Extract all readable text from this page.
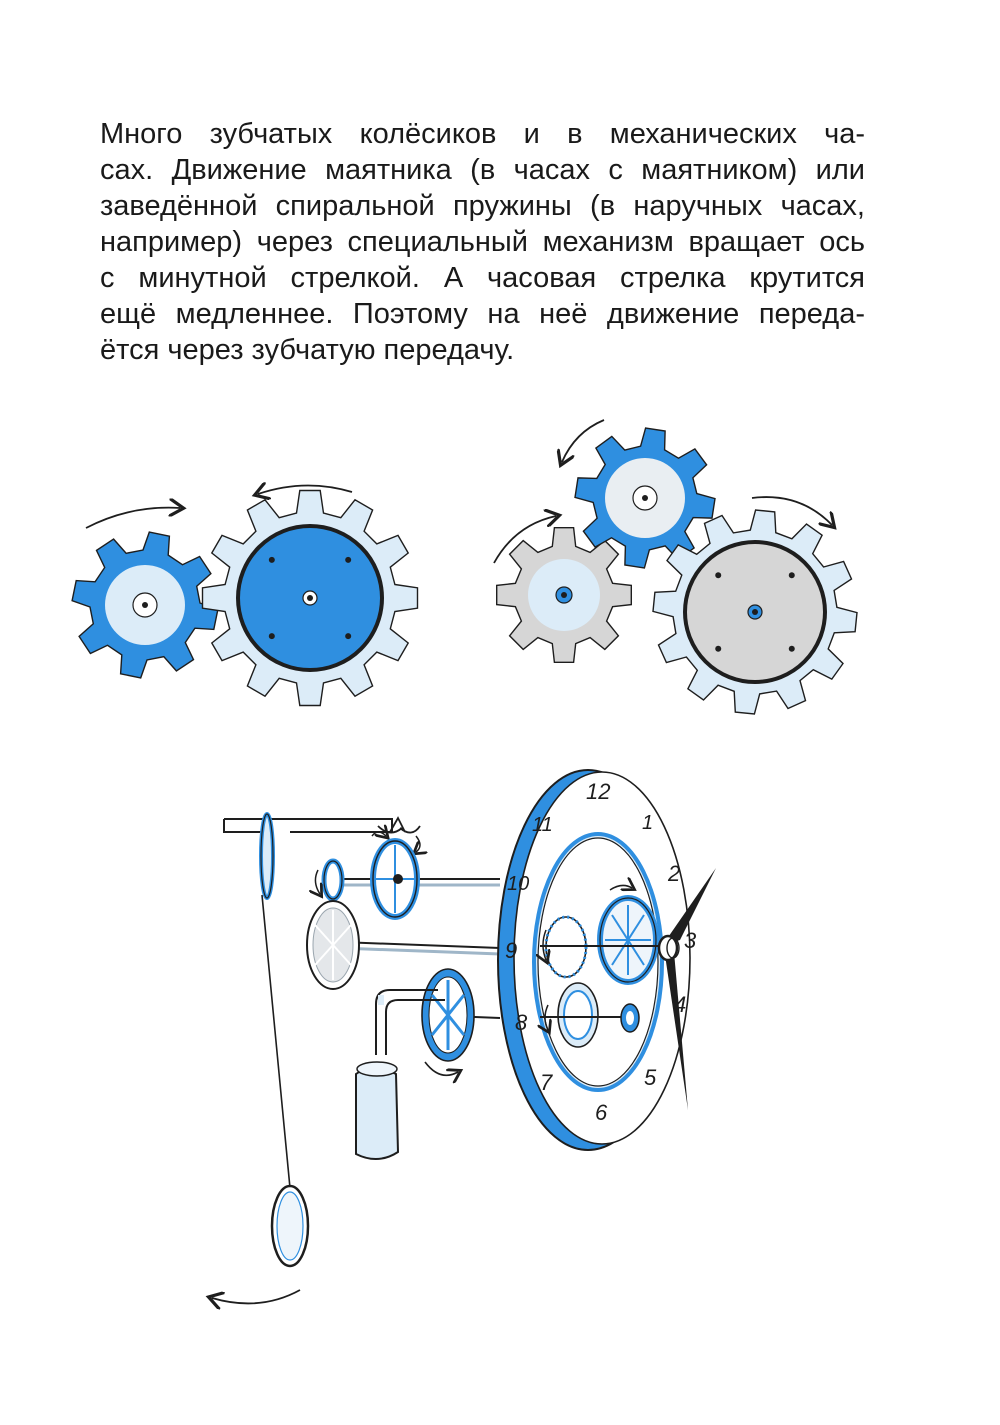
Много зубчатых колёсиков и в механических ча-
сах. Движение маятника (в часах с маятником) или
заведённой спиральной пружины (в наручных часах,
например) через специальный механизм вращает ось
с минутной стрелкой. А часовая стрелка крутится
ещё медленнее. Поэтому на неё движение переда-
ётся через зубчатую передачу.
12
1
2
3
4
5
6
7
8
9
10
11
